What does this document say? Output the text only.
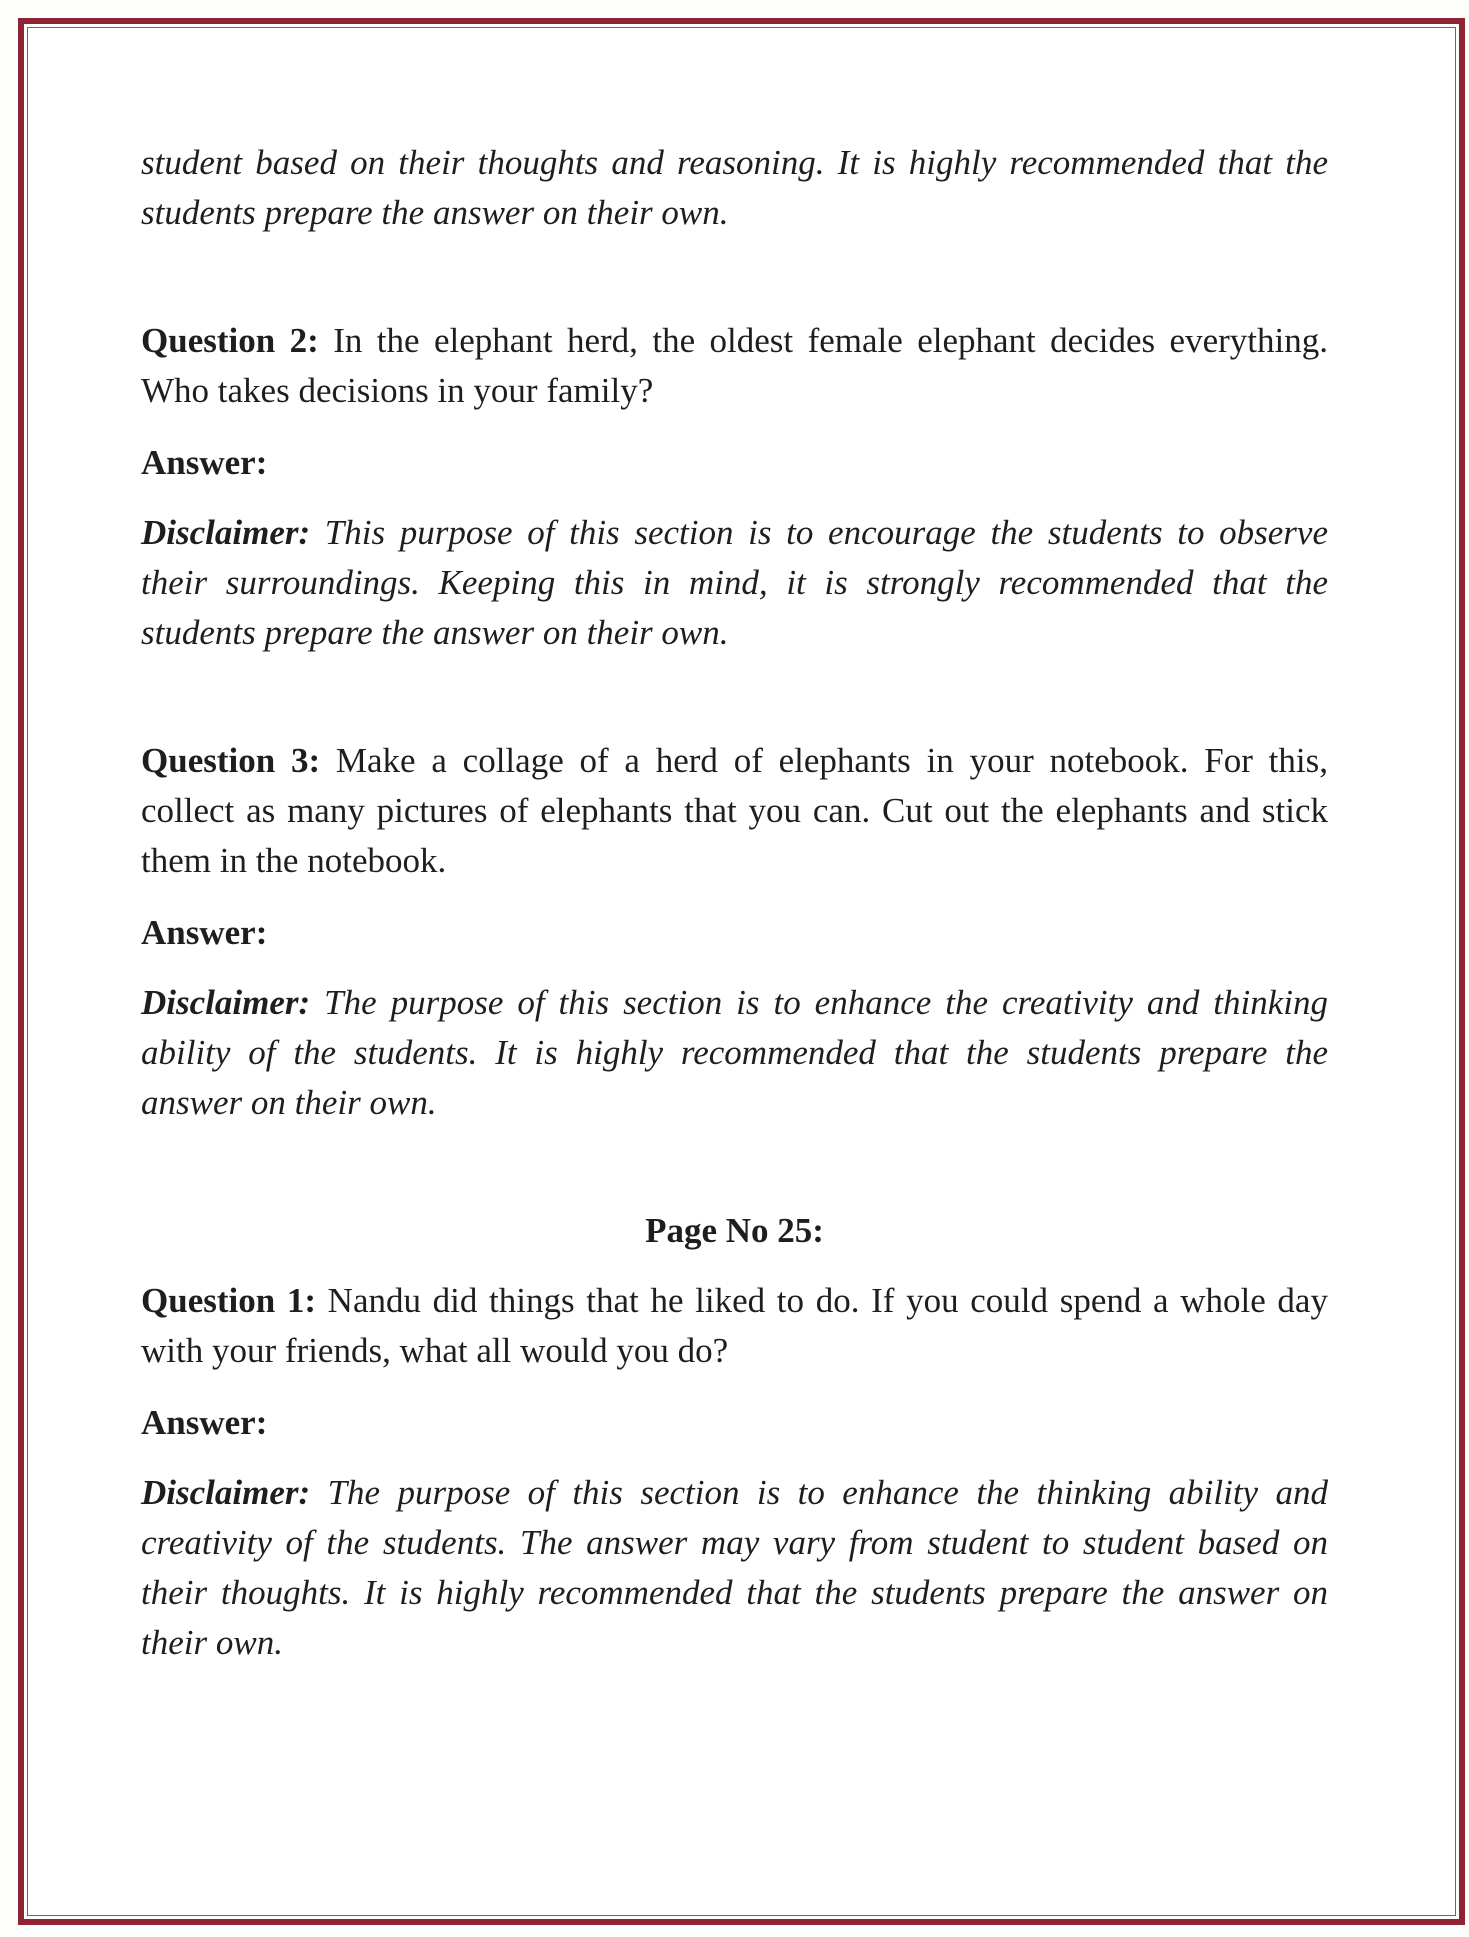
student based on their thoughts and reasoning. It is highly recommended that the students prepare the answer on their own.

Question 2: In the elephant herd, the oldest female elephant decides everything. Who takes decisions in your family?

Answer:

Disclaimer: This purpose of this section is to encourage the students to observe their surroundings. Keeping this in mind, it is strongly recommended that the students prepare the answer on their own.

Question 3: Make a collage of a herd of elephants in your notebook. For this, collect as many pictures of elephants that you can. Cut out the elephants and stick them in the notebook.

Answer:

Disclaimer: The purpose of this section is to enhance the creativity and thinking ability of the students. It is highly recommended that the students prepare the answer on their own.

Page No 25:

Question 1: Nandu did things that he liked to do. If you could spend a whole day with your friends, what all would you do?

Answer:

Disclaimer: The purpose of this section is to enhance the thinking ability and creativity of the students. The answer may vary from student to student based on their thoughts. It is highly recommended that the students prepare the answer on their own.
